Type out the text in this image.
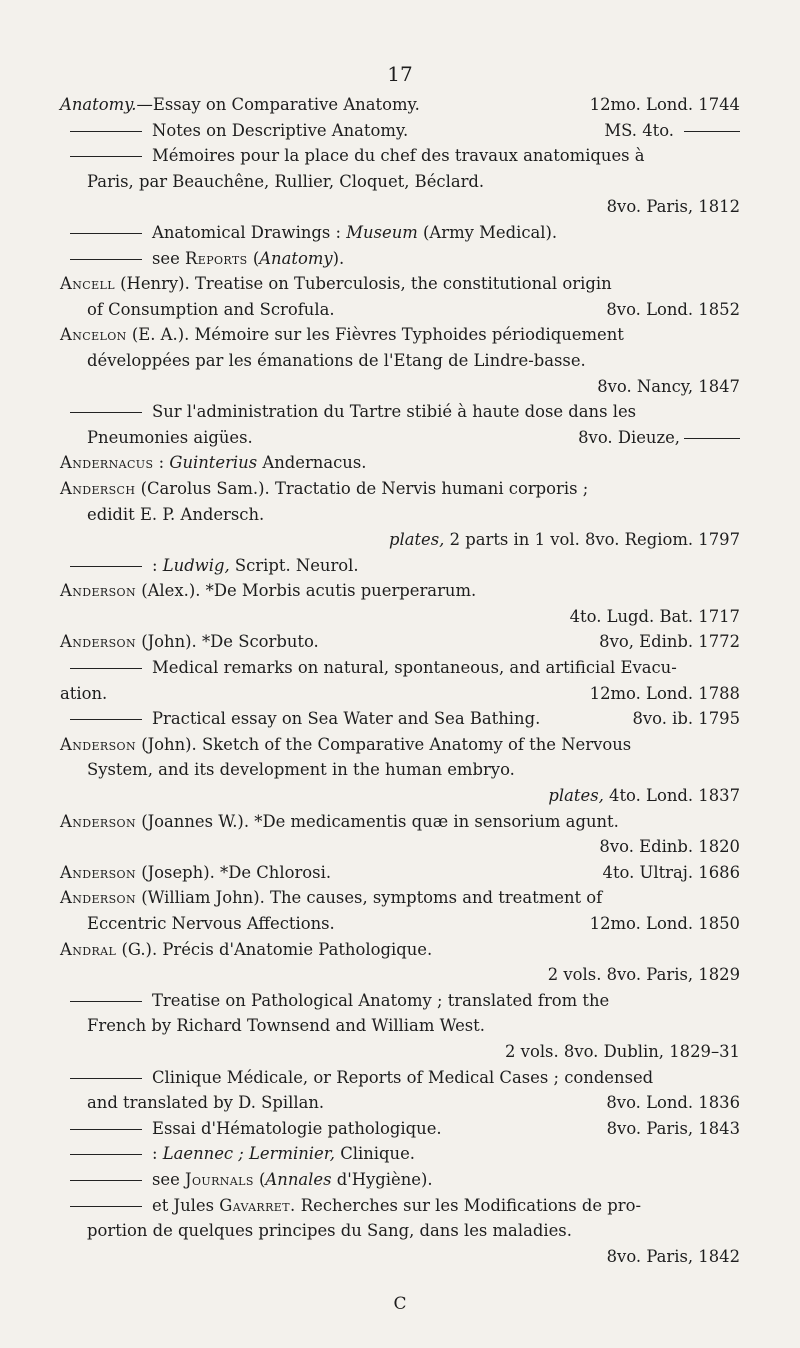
17
Anatomy.—Essay on Comparative Anatomy.	12mo. Lond. 1744
Notes on Descriptive Anatomy.	MS. 4to.
Mémoires pour la place du chef des travaux anatomiques à
Paris, par Beauchêne, Rullier, Cloquet, Béclard.
8vo. Paris, 1812
Anatomical Drawings : Museum (Army Medical).
see Reports (Anatomy).
Ancell (Henry). Treatise on Tuberculosis, the constitutional origin
of Consumption and Scrofula.	8vo. Lond. 1852
Ancelon (E. A.). Mémoire sur les Fièvres Typhoides périodiquement
développées par les émanations de l'Etang de Lindre-basse.
8vo. Nancy, 1847
Sur l'administration du Tartre stibié à haute dose dans les
Pneumonies aigües.	8vo. Dieuze,
Andernacus : Guinterius Andernacus.
Andersch (Carolus Sam.). Tractatio de Nervis humani corporis ;
edidit E. P. Andersch.
plates, 2 parts in 1 vol. 8vo. Regiom. 1797
: Ludwig, Script. Neurol.
Anderson (Alex.). *De Morbis acutis puerperarum.
4to. Lugd. Bat. 1717
Anderson (John). *De Scorbuto.	8vo, Edinb. 1772
Medical remarks on natural, spontaneous, and artificial Evacu-
ation.	12mo. Lond. 1788
Practical essay on Sea Water and Sea Bathing.	8vo. ib. 1795
Anderson (John). Sketch of the Comparative Anatomy of the Nervous
System, and its development in the human embryo.
plates, 4to. Lond. 1837
Anderson (Joannes W.). *De medicamentis quæ in sensorium agunt.
8vo. Edinb. 1820
Anderson (Joseph). *De Chlorosi.	4to. Ultraj. 1686
Anderson (William John). The causes, symptoms and treatment of
Eccentric Nervous Affections.	12mo. Lond. 1850
Andral (G.). Précis d'Anatomie Pathologique.
2 vols. 8vo. Paris, 1829
Treatise on Pathological Anatomy ; translated from the
French by Richard Townsend and William West.
2 vols. 8vo. Dublin, 1829–31
Clinique Médicale, or Reports of Medical Cases ; condensed
and translated by D. Spillan.	8vo. Lond. 1836
Essai d'Hématologie pathologique.	8vo. Paris, 1843
: Laennec ; Lerminier, Clinique.
see Journals (Annales d'Hygiène).
et Jules Gavarret. Recherches sur les Modifications de pro-
portion de quelques principes du Sang, dans les maladies.
8vo. Paris, 1842
C
